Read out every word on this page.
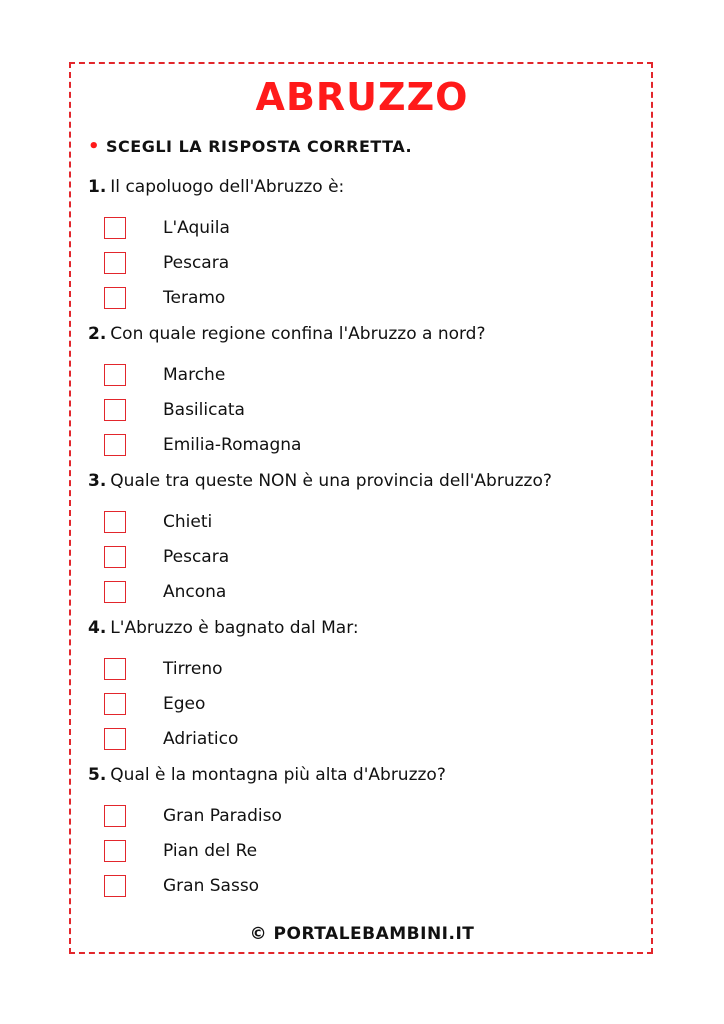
ABRUZZO
• SCEGLI LA RISPOSTA CORRETTA.
1. Il capoluogo dell'Abruzzo è:
L'Aquila
Pescara
Teramo
2. Con quale regione confina l'Abruzzo a nord?
Marche
Basilicata
Emilia-Romagna
3. Quale tra queste NON è una provincia dell'Abruzzo?
Chieti
Pescara
Ancona
4. L'Abruzzo è bagnato dal Mar:
Tirreno
Egeo
Adriatico
5. Qual è la montagna più alta d'Abruzzo?
Gran Paradiso
Pian del Re
Gran Sasso
© PORTALEBAMBINI.IT
